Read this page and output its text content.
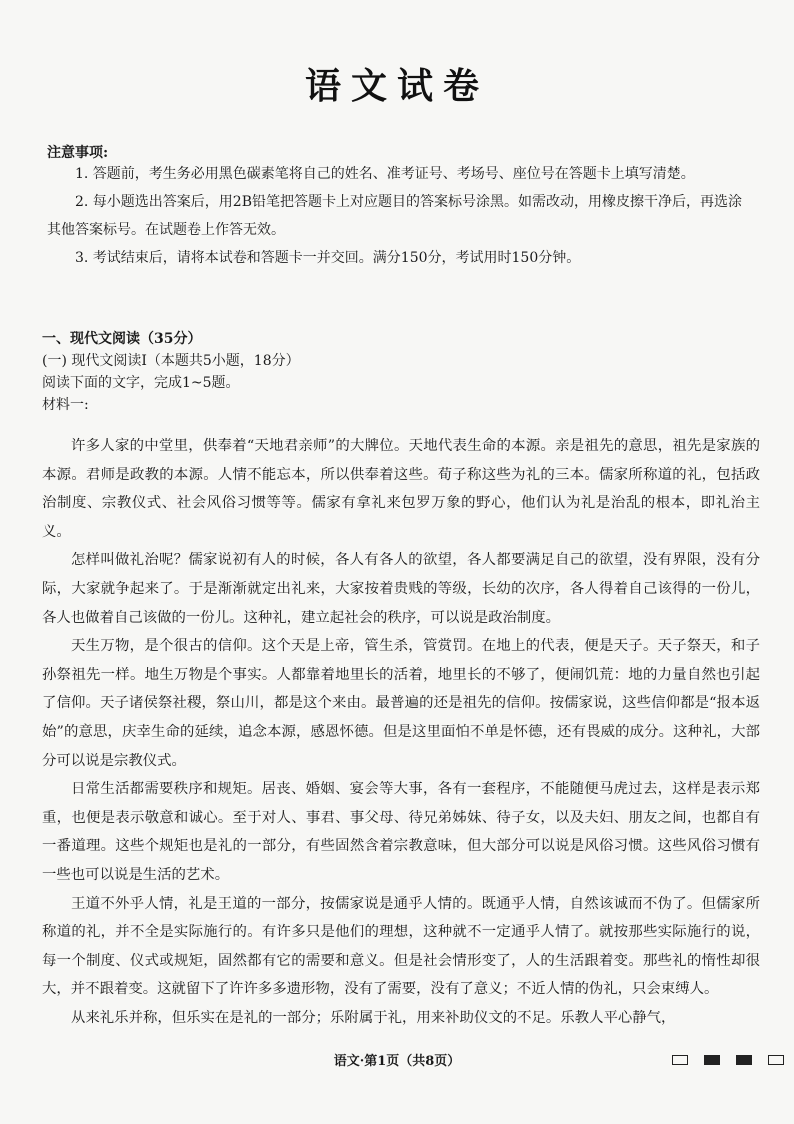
语文试卷
注意事项:

1. 答题前，考生务必用黑色碳素笔将自己的姓名、准考证号、考场号、座位号在答题卡上填写清楚。

2. 每小题选出答案后，用2B铅笔把答题卡上对应题目的答案标号涂黑。如需改动，用橡皮擦干净后，再选涂其他答案标号。在试题卷上作答无效。

3. 考试结束后，请将本试卷和答题卡一并交回。满分150分，考试用时150分钟。

一、现代文阅读（35分）
(一) 现代文阅读Ⅰ（本题共5小题，18分）
阅读下面的文字，完成1~5题。
材料一:

许多人家的中堂里，供奉着“天地君亲师”的大牌位。天地代表生命的本源。亲是祖先的意思，祖先是家族的本源。君师是政教的本源。人情不能忘本，所以供奉着这些。荀子称这些为礼的三本。儒家所称道的礼，包括政治制度、宗教仪式、社会风俗习惯等等。儒家有拿礼来包罗万象的野心，他们认为礼是治乱的根本，即礼治主义。

怎样叫做礼治呢？儒家说初有人的时候，各人有各人的欲望，各人都要满足自己的欲望，没有界限，没有分际，大家就争起来了。于是渐渐就定出礼来，大家按着贵贱的等级，长幼的次序，各人得着自己该得的一份儿，各人也做着自己该做的一份儿。这种礼，建立起社会的秩序，可以说是政治制度。

天生万物，是个很古的信仰。这个天是上帝，管生杀，管赏罚。在地上的代表，便是天子。天子祭天，和子孙祭祖先一样。地生万物是个事实。人都靠着地里长的活着，地里长的不够了，便闹饥荒：地的力量自然也引起了信仰。天子诸侯祭社稷，祭山川，都是这个来由。最普遍的还是祖先的信仰。按儒家说，这些信仰都是“报本返始”的意思，庆幸生命的延续，追念本源，感恩怀德。但是这里面怕不单是怀德，还有畏威的成分。这种礼，大部分可以说是宗教仪式。

日常生活都需要秩序和规矩。居丧、婚姻、宴会等大事，各有一套程序，不能随便马虎过去，这样是表示郑重，也便是表示敬意和诚心。至于对人、事君、事父母、待兄弟姊妹、待子女，以及夫妇、朋友之间，也都自有一番道理。这些个规矩也是礼的一部分，有些固然含着宗教意味，但大部分可以说是风俗习惯。这些风俗习惯有一些也可以说是生活的艺术。

王道不外乎人情，礼是王道的一部分，按儒家说是通乎人情的。既通乎人情，自然该诚而不伪了。但儒家所称道的礼，并不全是实际施行的。有许多只是他们的理想，这种就不一定通乎人情了。就按那些实际施行的说，每一个制度、仪式或规矩，固然都有它的需要和意义。但是社会情形变了，人的生活跟着变。那些礼的惰性却很大，并不跟着变。这就留下了许许多多遗形物，没有了需要，没有了意义；不近人情的伪礼，只会束缚人。

从来礼乐并称，但乐实在是礼的一部分；乐附属于礼，用来补助仪文的不足。乐教人平心静气，

语文·第1页（共8页）
